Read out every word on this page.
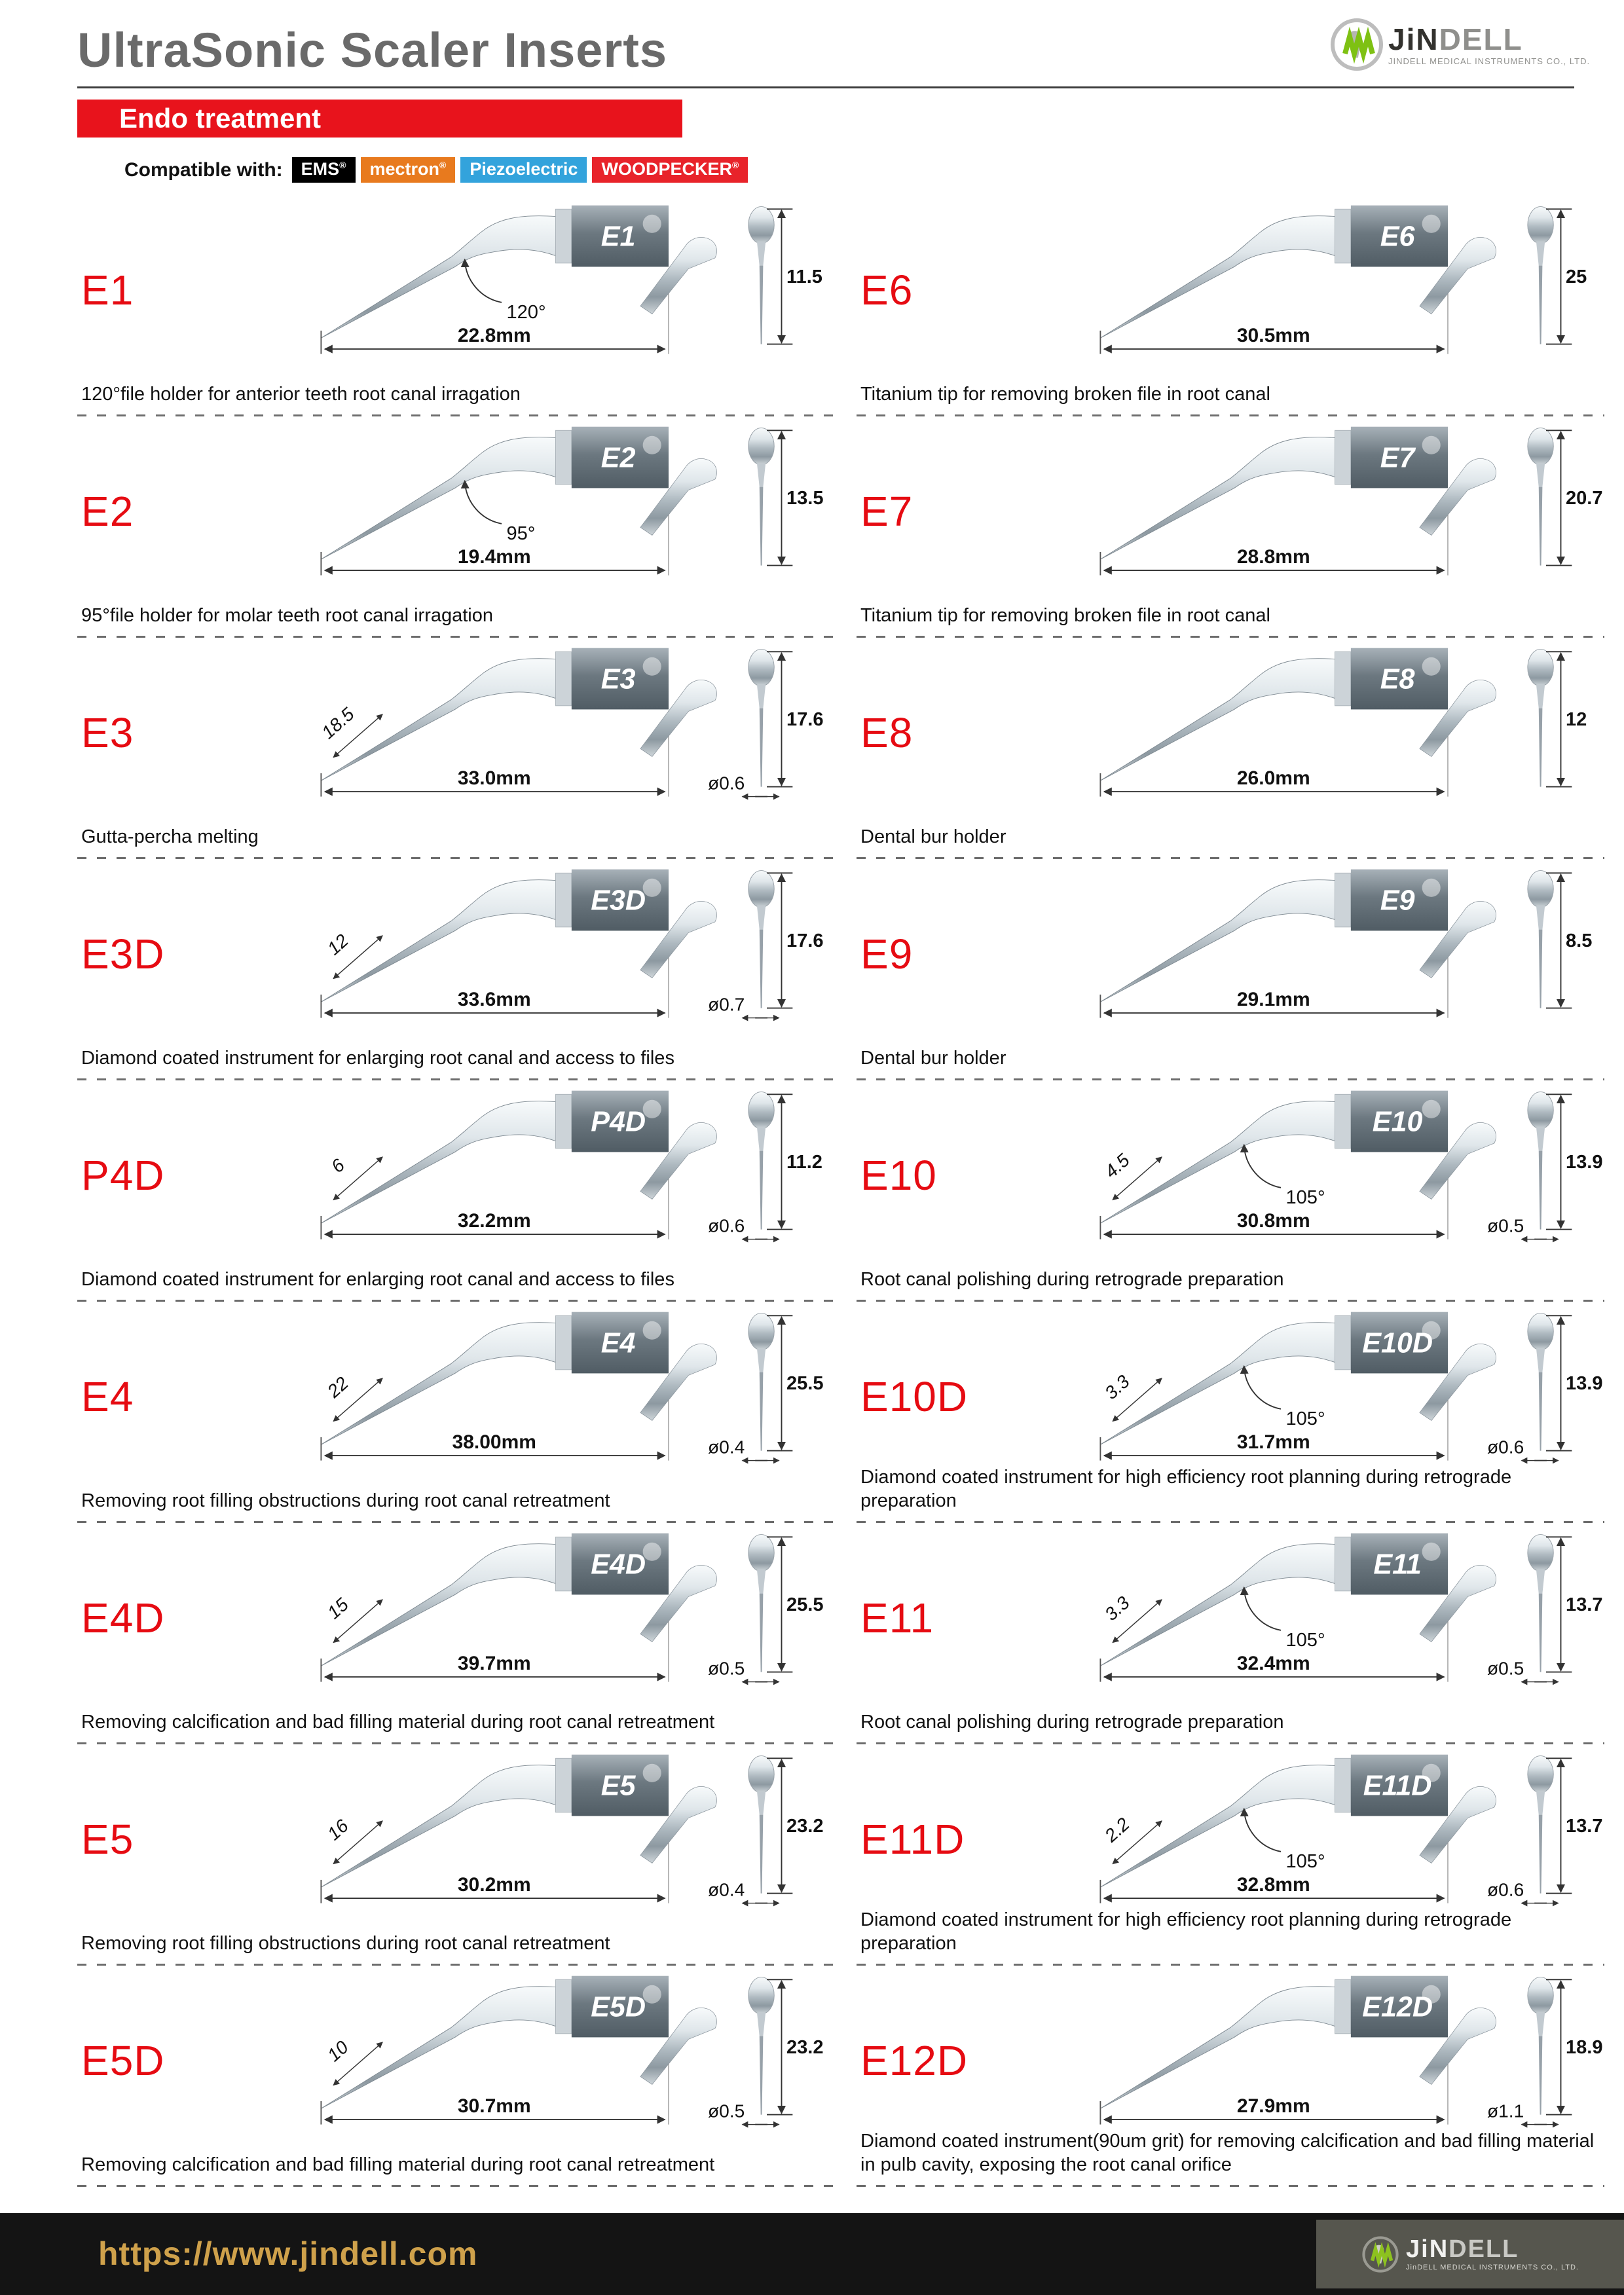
UltraSonic Scaler Inserts	JiNDELL
JINDELL MEDICAL INSTRUMENTS CO., LTD.
Endo treatment
Compatible with:	EMS®	mectron®	Piezoelectric	WOODPECKER®
E1
E1
120°
22.8mm
11.5
120°file holder for anterior teeth root canal irragation
E2
E2
95°
19.4mm
13.5
95°file holder for molar teeth root canal irragation
E3
E3
18.5
33.0mm
17.6
ø0.6
Gutta-percha melting
E3D
E3D
12
33.6mm
17.6
ø0.7
Diamond coated instrument for enlarging root canal and access to files
P4D
P4D
6
32.2mm
11.2
ø0.6
Diamond coated instrument for enlarging root canal and access to files
E4
E4
22
38.00mm
25.5
ø0.4
Removing root filling obstructions during root canal retreatment
E4D
E4D
15
39.7mm
25.5
ø0.5
Removing calcification and bad filling material during root canal retreatment
E5
E5
16
30.2mm
23.2
ø0.4
Removing root filling obstructions during root canal retreatment
E5D
E5D
10
30.7mm
23.2
ø0.5
Removing calcification and bad filling material during root canal retreatment
E6
E6
30.5mm
25
Titanium tip for removing broken file in root canal
E7
E7
28.8mm
20.7
Titanium tip for removing broken file in root canal
E8
E8
26.0mm
12
Dental bur holder
E9
E9
29.1mm
8.5
Dental bur holder
E10
E10
4.5
105°
30.8mm
13.9
ø0.5
Root canal polishing during retrograde preparation
E10D
E10D
3.3
105°
31.7mm
13.9
ø0.6
Diamond coated instrument for high efficiency root planning during retrograde preparation
E11
E11
3.3
105°
32.4mm
13.7
ø0.5
Root canal polishing during retrograde preparation
E11D
E11D
2.2
105°
32.8mm
13.7
ø0.6
Diamond coated instrument for high efficiency root planning during retrograde preparation
E12D
E12D
27.9mm
18.9
ø1.1
Diamond coated instrument(90um grit) for removing calcification and bad filling material in pulb cavity, exposing the root canal orifice
https://www.jindell.com	JiNDELL
JinDELL MEDICAL INSTRUMENTS CO., LTD.
